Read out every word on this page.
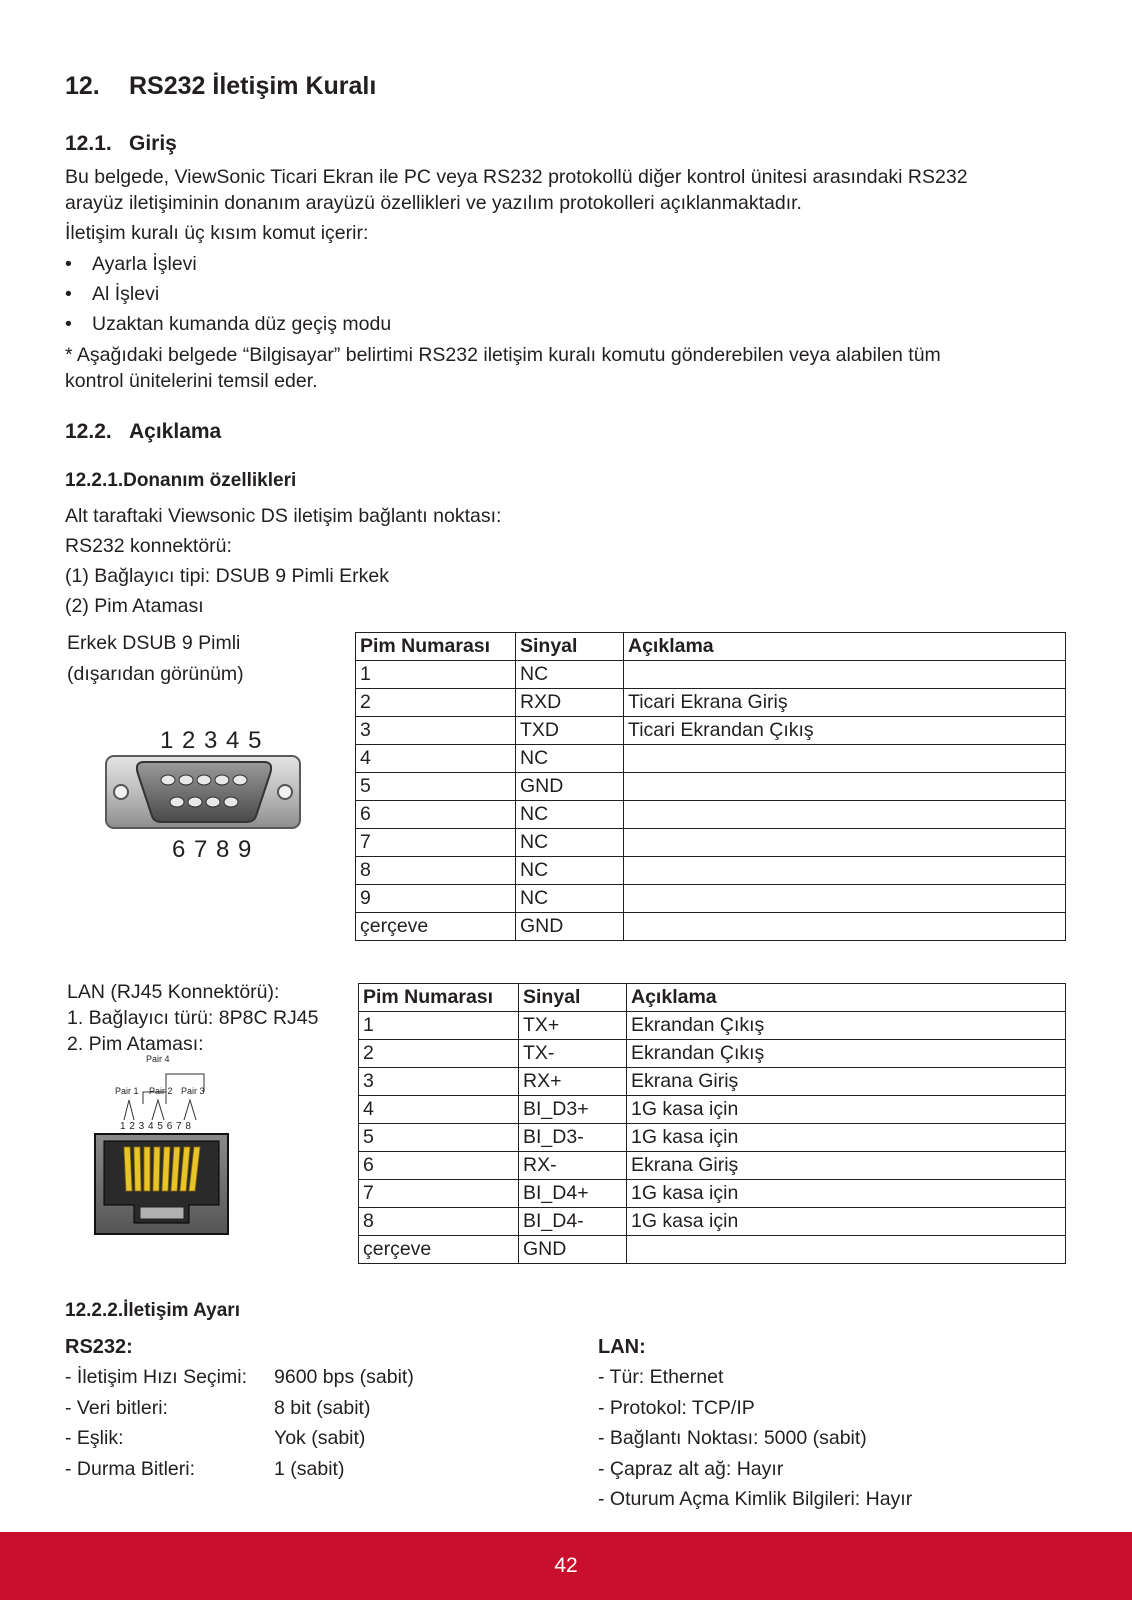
12. RS232 İletişim Kuralı
12.1. Giriş
Bu belgede, ViewSonic Ticari Ekran ile PC veya RS232 protokollü diğer kontrol ünitesi arasındaki RS232
arayüz iletişiminin donanım arayüzü özellikleri ve yazılım protokolleri açıklanmaktadır.
İletişim kuralı üç kısım komut içerir:
• Ayarla İşlevi
• Al İşlevi
• Uzaktan kumanda düz geçiş modu
* Aşağıdaki belgede “Bilgisayar” belirtimi RS232 iletişim kuralı komutu gönderebilen veya alabilen tüm
kontrol ünitelerini temsil eder.
12.2. Açıklama
12.2.1.Donanım özellikleri
Alt taraftaki Viewsonic DS iletişim bağlantı noktası:
RS232 konnektörü:
(1) Bağlayıcı tipi: DSUB 9 Pimli Erkek
(2) Pim Ataması
Erkek DSUB 9 Pimli
(dışarıdan görünüm)
1 2 3 4 5
6 7 8 9
Pim Numarası	Sinyal	Açıklama
1	NC	
2	RXD	Ticari Ekrana Giriş
3	TXD	Ticari Ekrandan Çıkış
4	NC	
5	GND	
6	NC	
7	NC	
8	NC	
9	NC	
çerçeve	GND	
LAN (RJ45 Konnektörü):
1. Bağlayıcı türü: 8P8C RJ45
2. Pim Ataması:
Pair 4
Pair 1 Pair 2 Pair 3
1 2 3 4 5 6 7 8
Pim Numarası	Sinyal	Açıklama
1	TX+	Ekrandan Çıkış
2	TX-	Ekrandan Çıkış
3	RX+	Ekrana Giriş
4	BI_D3+	1G kasa için
5	BI_D3-	1G kasa için
6	RX-	Ekrana Giriş
7	BI_D4+	1G kasa için
8	BI_D4-	1G kasa için
çerçeve	GND	
12.2.2.İletişim Ayarı
RS232:
- İletişim Hızı Seçimi: 9600 bps (sabit)
- Veri bitleri:	8 bit (sabit)
- Eşlik:	Yok (sabit)
- Durma Bitleri:	1 (sabit)
LAN:
- Tür: Ethernet
- Protokol: TCP/IP
- Bağlantı Noktası: 5000 (sabit)
- Çapraz alt ağ: Hayır
- Oturum Açma Kimlik Bilgileri: Hayır
42
